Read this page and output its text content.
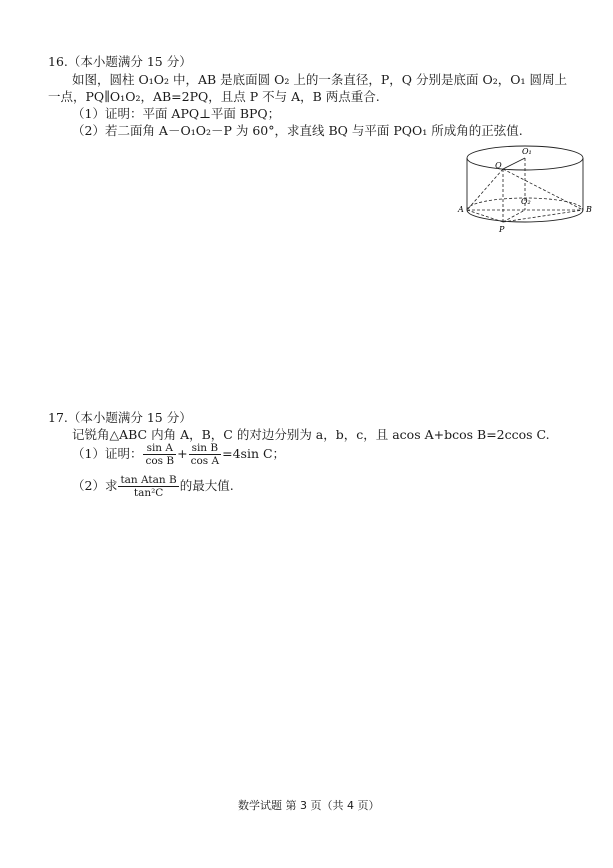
16.（本小题满分 15 分）
如图，圆柱 O₁O₂ 中，AB 是底面圆 O₂ 上的一条直径，P，Q 分别是底面 O₂，O₁ 圆周上
一点，PQ∥O₁O₂，AB=2PQ，且点 P 不与 A，B 两点重合.
（1）证明：平面 APQ⊥平面 BPQ；
（2）若二面角 A－O₁O₂－P 为 60°，求直线 BQ 与平面 PQO₁ 所成角的正弦值.
Q
O₁
O₂
A	B
P
17.（本小题满分 15 分）
记锐角△ABC 内角 A，B，C 的对边分别为 a，b，c，且 acos A+bcos B=2ccos C.
（1）证明： $\frac{\text{sin A}}{\text{cos B}} + \frac{\text{sin B}}{\text{cos A}} =4\sin$ C；
（2）求 $\frac{\text{tan Atan B}}{\text{tan²C}}$ 的最大值.
数学试题 第 3 页（共 4 页）
